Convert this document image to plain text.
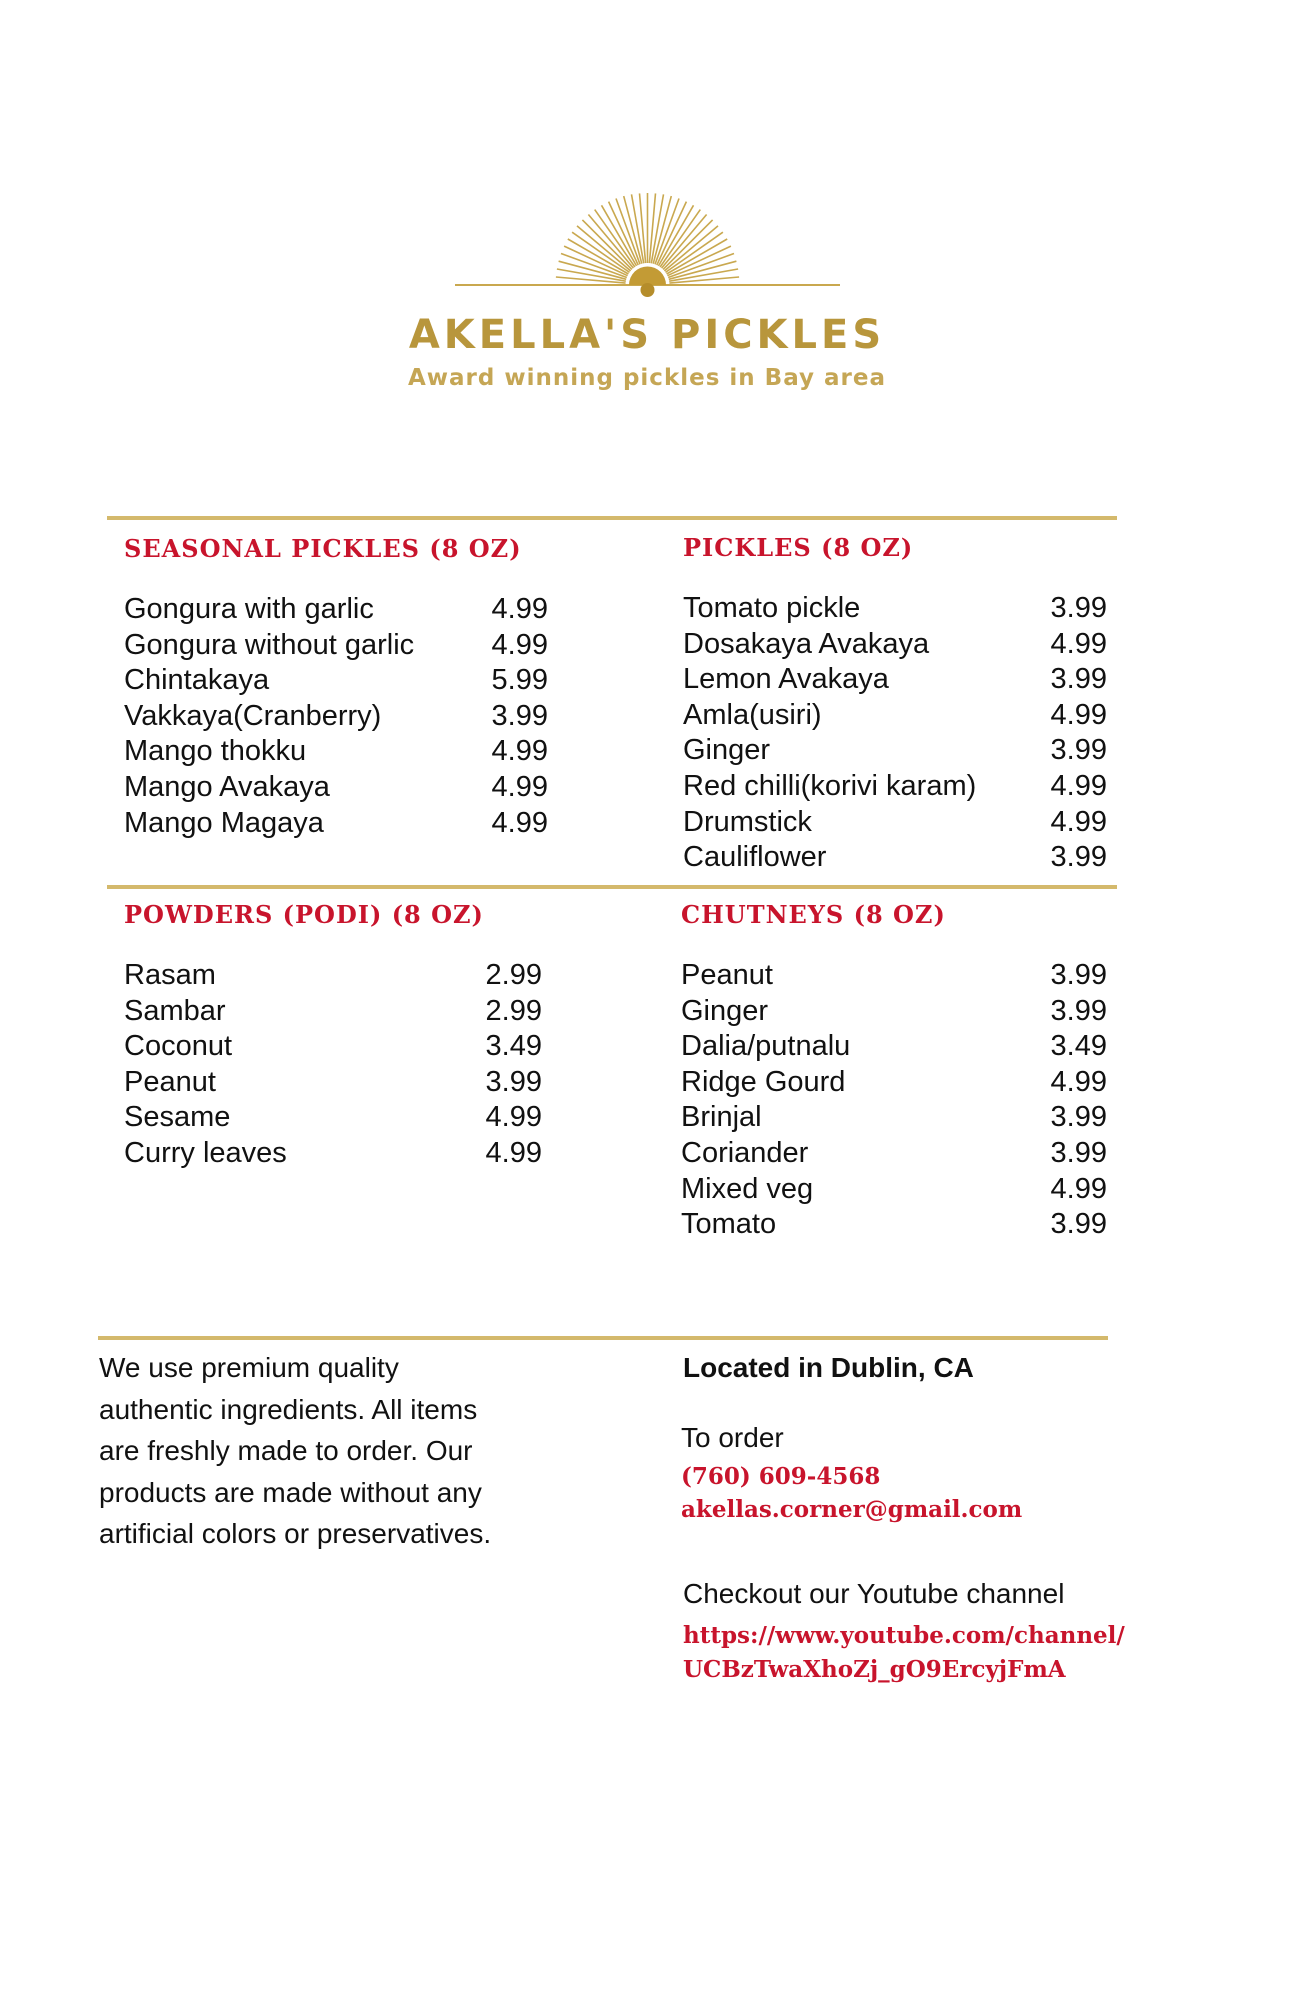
AKELLA'S PICKLES
Award winning pickles in Bay area
SEASONAL PICKLES (8 OZ)
Gongura with garlic	4.99
Gongura without garlic	4.99
Chintakaya	5.99
Vakkaya(Cranberry)	3.99
Mango thokku	4.99
Mango Avakaya	4.99
Mango Magaya	4.99
PICKLES (8 OZ)
Tomato pickle	3.99
Dosakaya Avakaya	4.99
Lemon Avakaya	3.99
Amla(usiri)	4.99
Ginger	3.99
Red chilli(korivi karam)	4.99
Drumstick	4.99
Cauliflower	3.99
POWDERS (PODI) (8 OZ)
Rasam	2.99
Sambar	2.99
Coconut	3.49
Peanut	3.99
Sesame	4.99
Curry leaves	4.99
CHUTNEYS (8 OZ)
Peanut	3.99
Ginger	3.99
Dalia/putnalu	3.49
Ridge Gourd	4.99
Brinjal	3.99
Coriander	3.99
Mixed veg	4.99
Tomato	3.99
We use premium quality
authentic ingredients. All items
are freshly made to order. Our
products are made without any
artificial colors or preservatives.
Located in Dublin, CA
To order
(760) 609-4568
akellas.corner@gmail.com
Checkout our Youtube channel
https://www.youtube.com/channel/
UCBzTwaXhoZj_gO9ErcyjFmA
